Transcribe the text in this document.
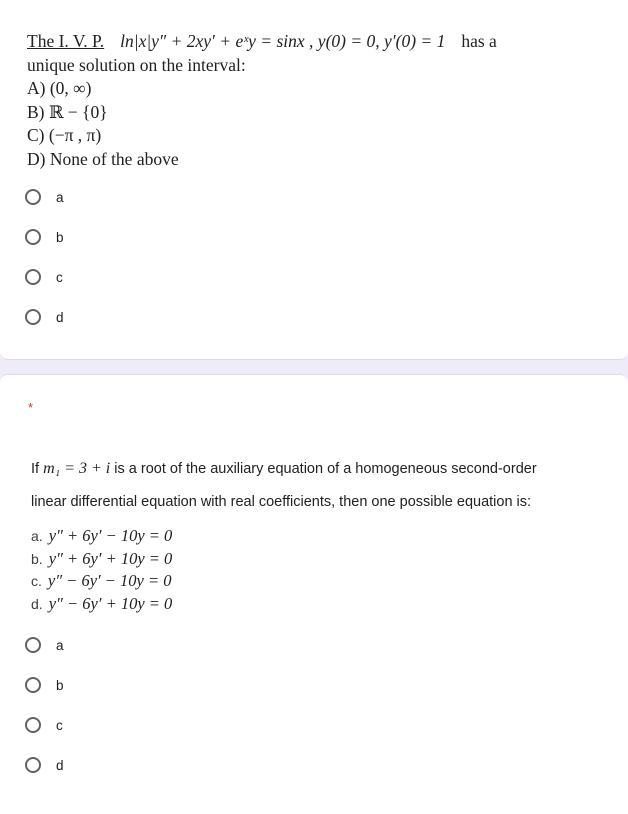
The I. V. P. ln|x|y″ + 2xy′ + eˣy = sinx , y(0) = 0, y′(0) = 1 has a
unique solution on the interval:
A) (0, ∞)
B) ℝ − {0}
C) (−π , π)
D) None of the above
a
b
c
d
*
If m₁ = 3 + i is a root of the auxiliary equation of a homogeneous second-order
linear differential equation with real coefficients, then one possible equation is:
a. y″ + 6y′ − 10y = 0
b. y″ + 6y′ + 10y = 0
c. y″ − 6y′ − 10y = 0
d. y″ − 6y′ + 10y = 0
a
b
c
d
